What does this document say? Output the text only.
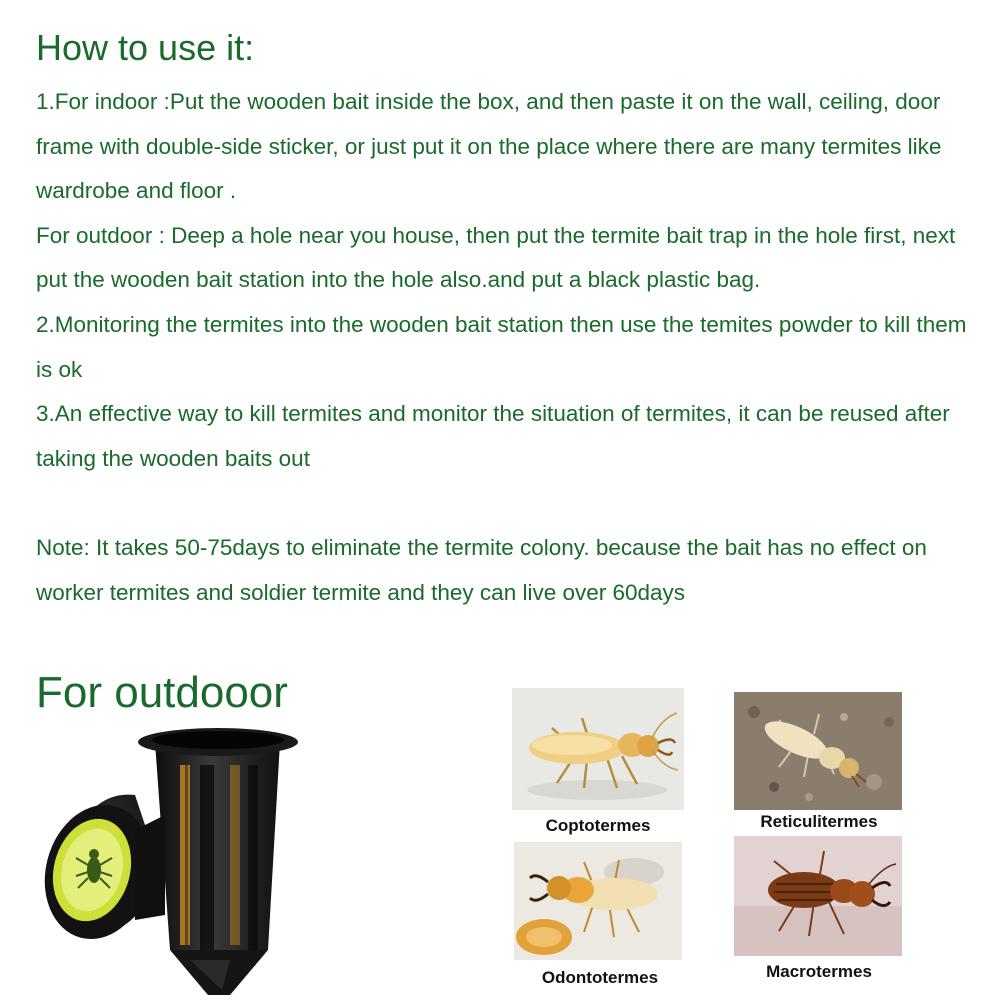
How to use it:

1.For indoor :Put the wooden bait inside the box, and then paste it on the wall, ceiling, door frame with double-side sticker, or just put it on the place where there are many termites like wardrobe and floor .

For outdoor : Deep a hole near you house, then put the termite bait trap in the hole first, next put the wooden bait station into the hole also.and put a black plastic bag.

2.Monitoring the termites into the wooden bait station then use the temites powder to kill them is ok

3.An effective way to kill termites and monitor the situation of termites, it can be reused after taking the wooden baits out

Note: It takes 50-75days to eliminate the termite colony. because the bait has no effect on worker termites and soldier termite and they can live over 60days

For outdooor
Coptotermes	Reticulitermes
Odontotermes	Macrotermes
